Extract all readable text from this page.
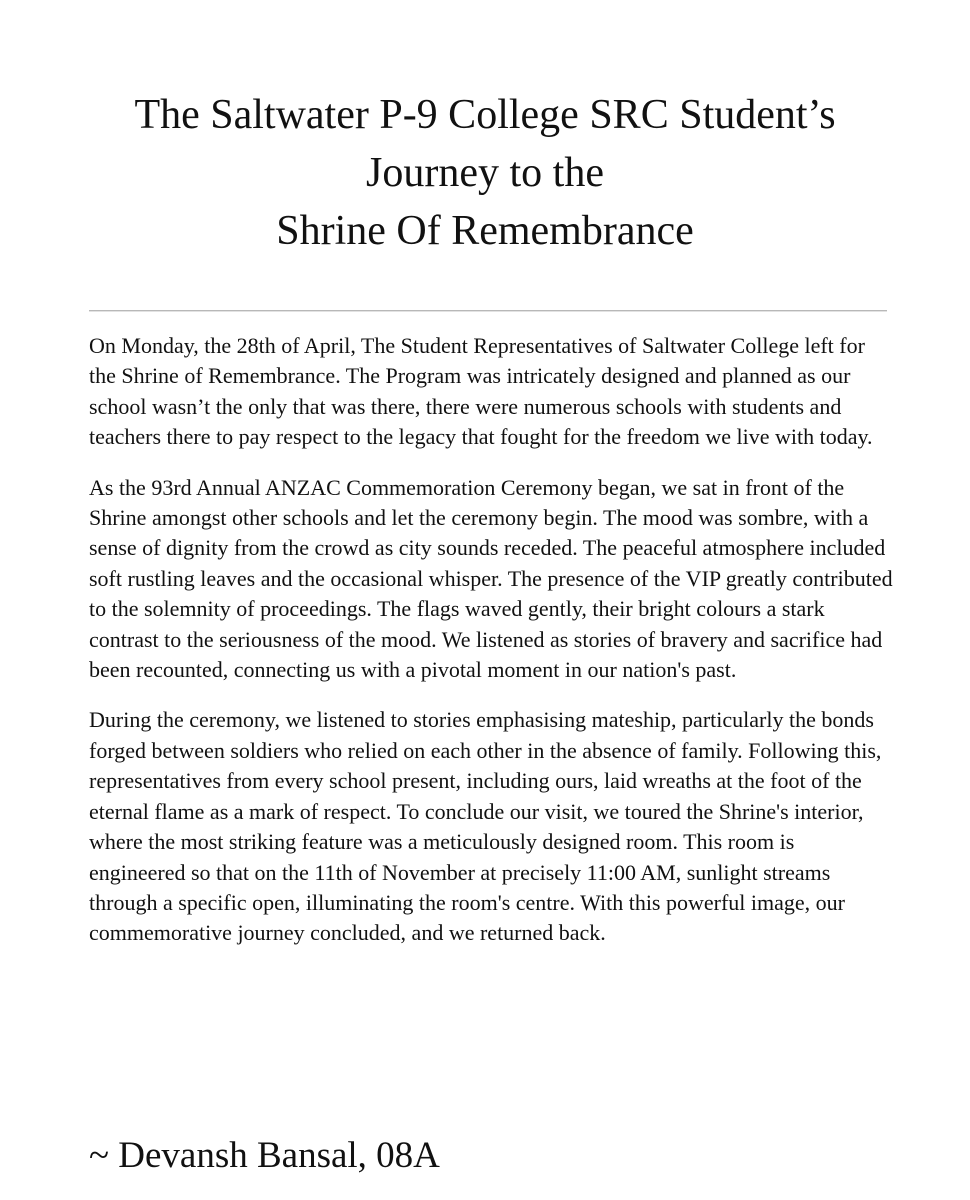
The Saltwater P-9 College SRC Student’s
Journey to the
Shrine Of Remembrance

On Monday, the 28th of April, The Student Representatives of Saltwater College left for the Shrine of Remembrance. The Program was intricately designed and planned as our school wasn’t the only that was there, there were numerous schools with students and teachers there to pay respect to the legacy that fought for the freedom we live with today.

As the 93rd Annual ANZAC Commemoration Ceremony began, we sat in front of the Shrine amongst other schools and let the ceremony begin. The mood was sombre, with a sense of dignity from the crowd as city sounds receded. The peaceful atmosphere included soft rustling leaves and the occasional whisper. The presence of the VIP greatly contributed to the solemnity of proceedings. The flags waved gently, their bright colours a stark contrast to the seriousness of the mood. We listened as stories of bravery and sacrifice had been recounted, connecting us with a pivotal moment in our nation's past.

During the ceremony, we listened to stories emphasising mateship, particularly the bonds forged between soldiers who relied on each other in the absence of family. Following this, representatives from every school present, including ours, laid wreaths at the foot of the eternal flame as a mark of respect. To conclude our visit, we toured the Shrine's interior, where the most striking feature was a meticulously designed room. This room is engineered so that on the 11th of November at precisely 11:00 AM, sunlight streams through a specific open, illuminating the room's centre. With this powerful image, our commemorative journey concluded, and we returned back.

~ Devansh Bansal, 08A
